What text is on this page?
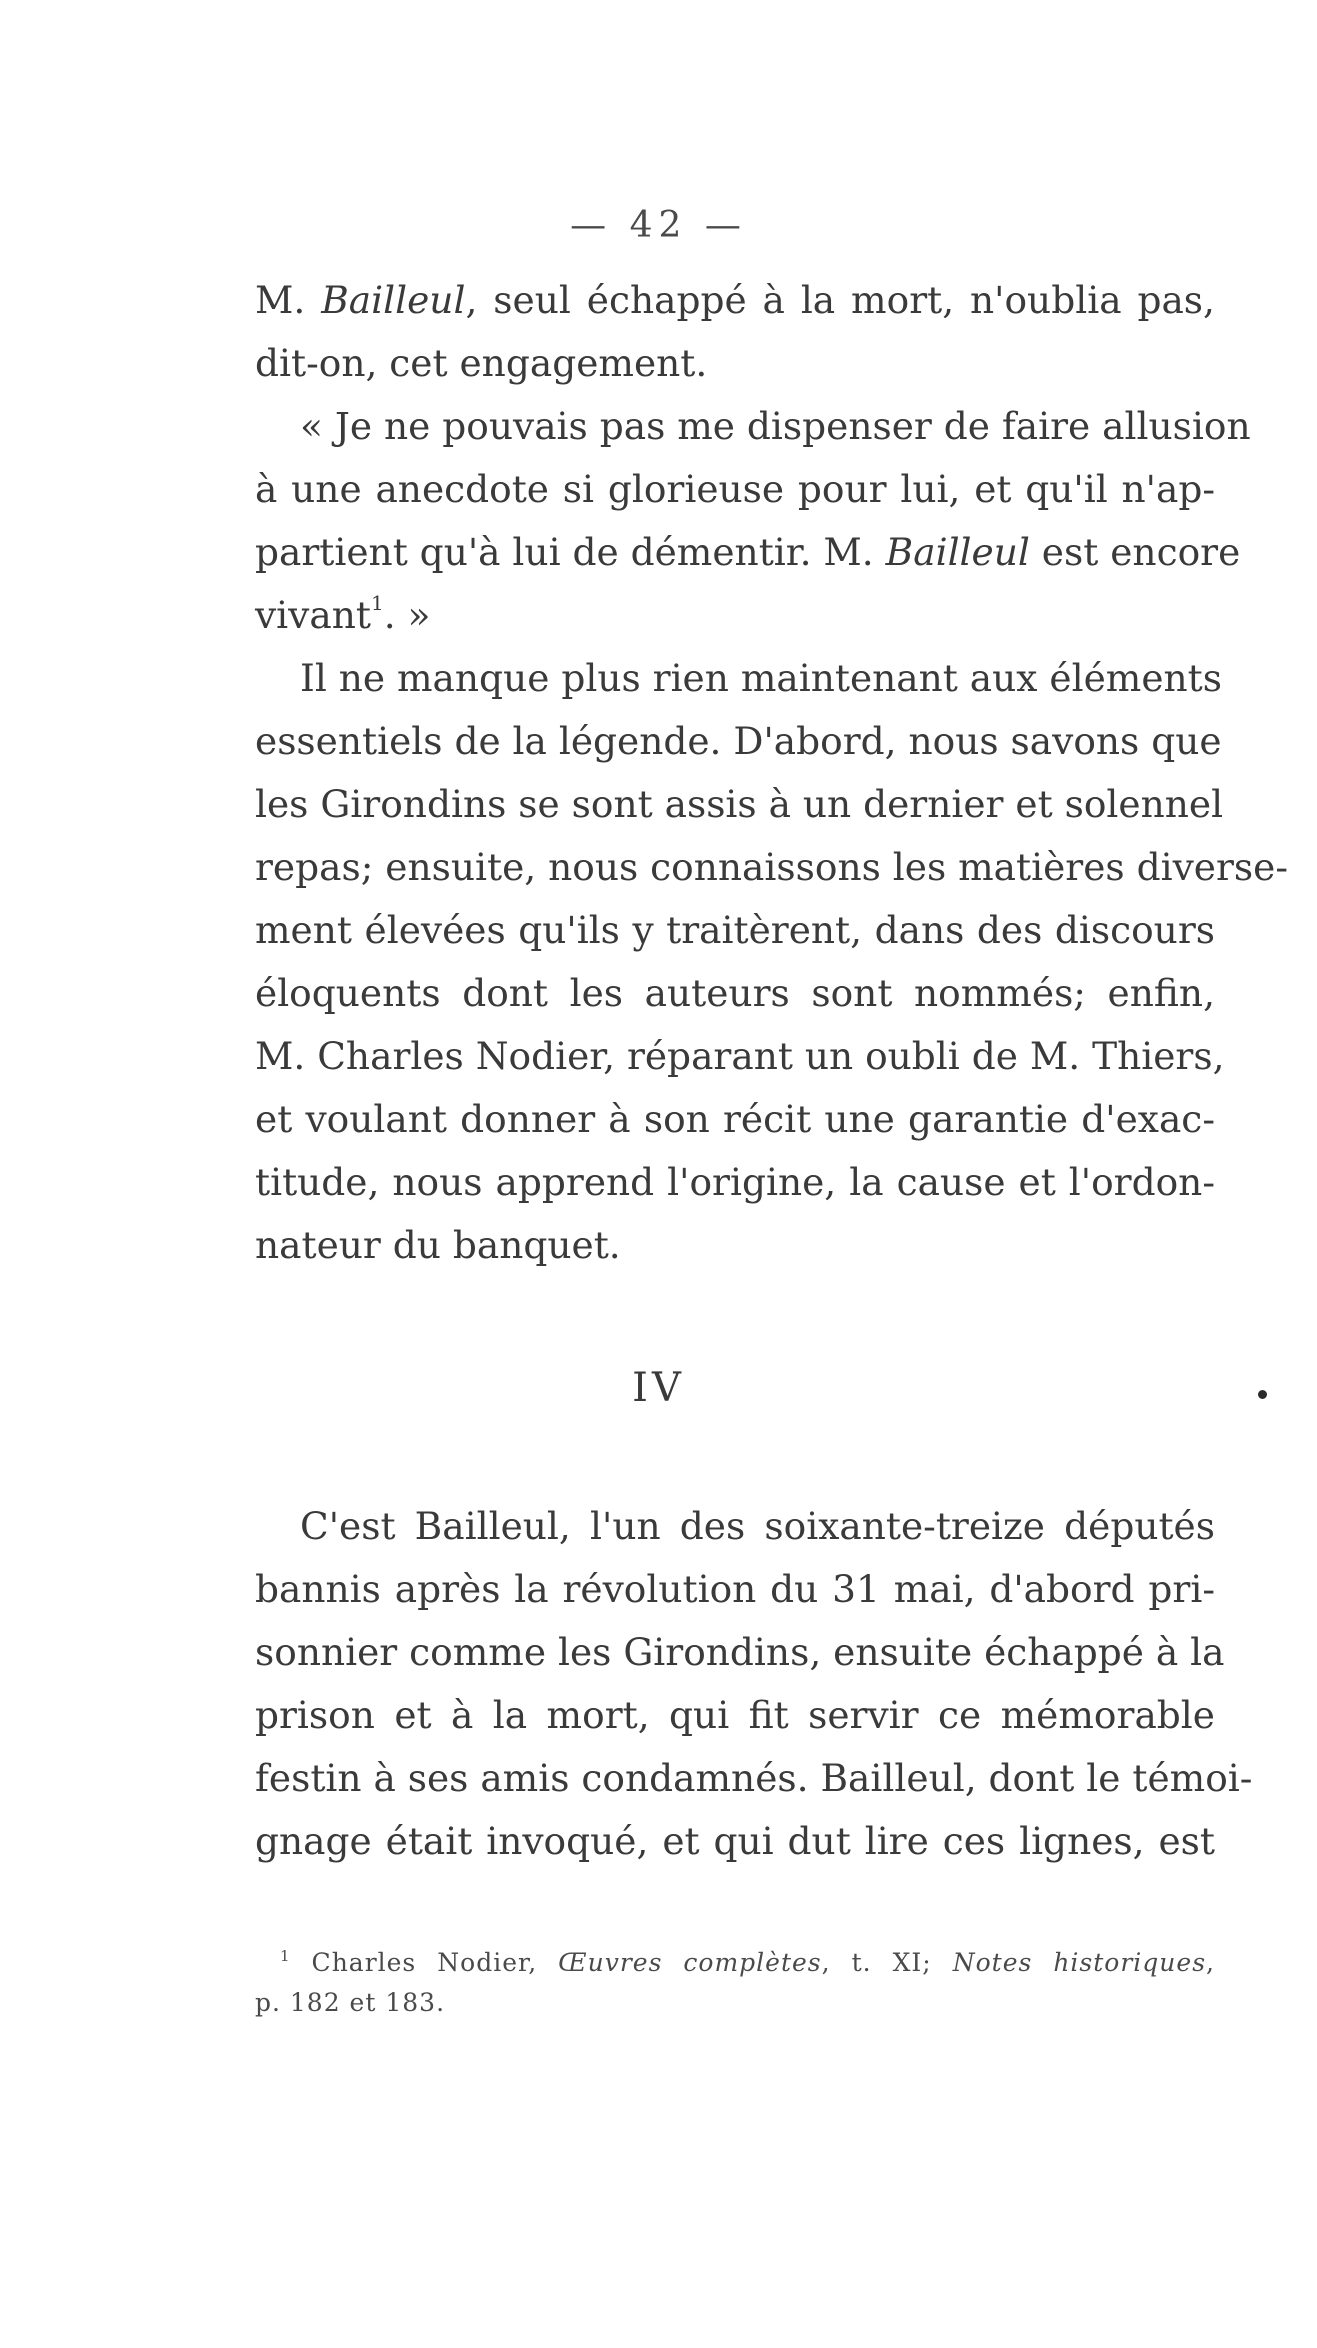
— 42 —
M. Bailleul, seul échappé à la mort, n'oublia pas,
dit-on, cet engagement.
« Je ne pouvais pas me dispenser de faire allusion
à une anecdote si glorieuse pour lui, et qu'il n'ap-
partient qu'à lui de démentir. M. Bailleul est encore
vivant$^1$. »
Il ne manque plus rien maintenant aux éléments
essentiels de la légende. D'abord, nous savons que
les Girondins se sont assis à un dernier et solennel
repas; ensuite, nous connaissons les matières diverse-
ment élevées qu'ils y traitèrent, dans des discours
éloquents dont les auteurs sont nommés; enfin,
M. Charles Nodier, réparant un oubli de M. Thiers,
et voulant donner à son récit une garantie d'exac-
titude, nous apprend l'origine, la cause et l'ordon-
nateur du banquet.
IV
C'est Bailleul, l'un des soixante-treize députés
bannis après la révolution du 31 mai, d'abord pri-
sonnier comme les Girondins, ensuite échappé à la
prison et à la mort, qui fit servir ce mémorable
festin à ses amis condamnés. Bailleul, dont le témoi-
gnage était invoqué, et qui dut lire ces lignes, est
$^1$ Charles Nodier, Œuvres complètes, t. XI; Notes historiques,
p. 182 et 183.
